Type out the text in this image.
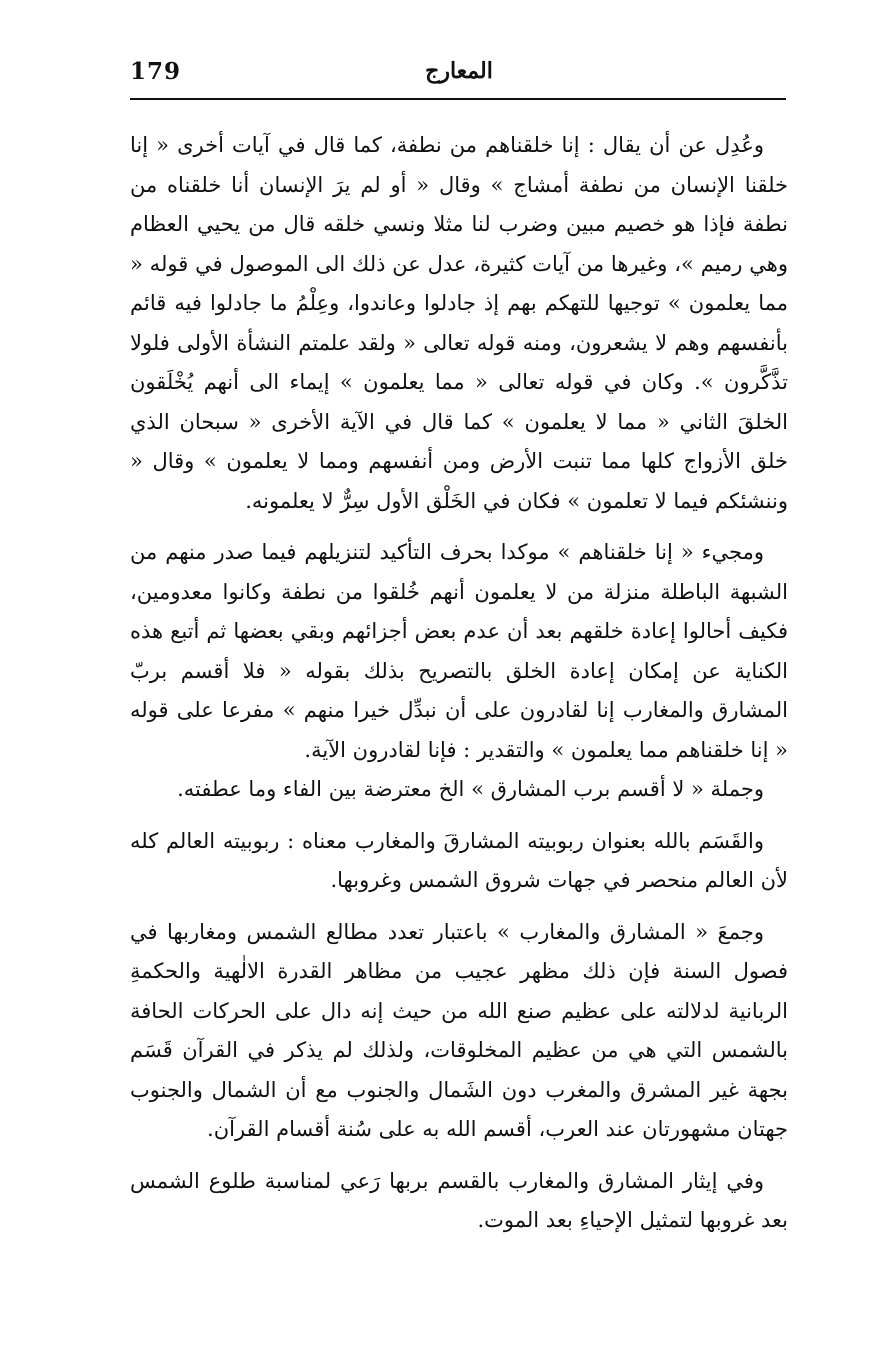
179	المعارج

وعُدِل عن أن يقال : إنا خلقناهم من نطفة، كما قال في آيات أخرى « إنا خلقنا الإنسان من نطفة أمشاج » وقال « أو لم يرَ الإنسان أنا خلقناه من نطفة فإذا هو خصيم مبين وضرب لنا مثلا ونسي خلقه قال من يحيي العظام وهي رميم »، وغيرها من آيات كثيرة، عدل عن ذلك الى الموصول في قوله « مما يعلمون » توجيها للتهكم بهم إذ جادلوا وعاندوا، وعِلْمُ ما جادلوا فيه قائم بأنفسهم وهم لا يشعرون، ومنه قوله تعالى « ولقد علمتم النشأة الأولى فلولا تذَّكَّرون ». وكان في قوله تعالى « مما يعلمون » إيماء الى أنهم يُخْلَقون الخلقَ الثاني « مما لا يعلمون » كما قال في الآية الأخرى « سبحان الذي خلق الأزواج كلها مما تنبت الأرض ومن أنفسهم ومما لا يعلمون » وقال « وننشئكم فيما لا تعلمون » فكان في الخَلْق الأول سِرٌّ لا يعلمونه.

ومجيء « إنا خلقناهم » موكدا بحرف التأكيد لتنزيلهم فيما صدر منهم من الشبهة الباطلة منزلة من لا يعلمون أنهم خُلقوا من نطفة وكانوا معدومين، فكيف أحالوا إعادة خلقهم بعد أن عدم بعض أجزائهم وبقي بعضها ثم أتبع هذه الكناية عن إمكان إعادة الخلق بالتصريح بذلك بقوله « فلا أقسم بربّ المشارق والمغارب إنا لقادرون على أن نبدِّل خيرا منهم » مفرعا على قوله « إنا خلقناهم مما يعلمون » والتقدير : فإنا لقادرون الآية.

وجملة « لا أقسم برب المشارق » الخ معترضة بين الفاء وما عطفته.

والقَسَم بالله بعنوان ربوبيته المشارقَ والمغارب معناه : ربوبيته العالم كله لأن العالم منحصر في جهات شروق الشمس وغروبها.

وجمعَ « المشارق والمغارب » باعتبار تعدد مطالع الشمس ومغاربها في فصول السنة فإن ذلك مظهر عجيب من مظاهر القدرة الالٰهية والحكمةِ الربانية لدلالته على عظيم صنع الله من حيث إنه دال على الحركات الحافة بالشمس التي هي من عظيم المخلوقات، ولذلك لم يذكر في القرآن قَسَم بجهة غير المشرق والمغرب دون الشَمال والجنوب مع أن الشمال والجنوب جهتان مشهورتان عند العرب، أقسم الله به على سُنة أقسام القرآن.

وفي إيثار المشارق والمغارب بالقسم بربها رَعي لمناسبة طلوع الشمس بعد غروبها لتمثيل الإحياءِ بعد الموت.
